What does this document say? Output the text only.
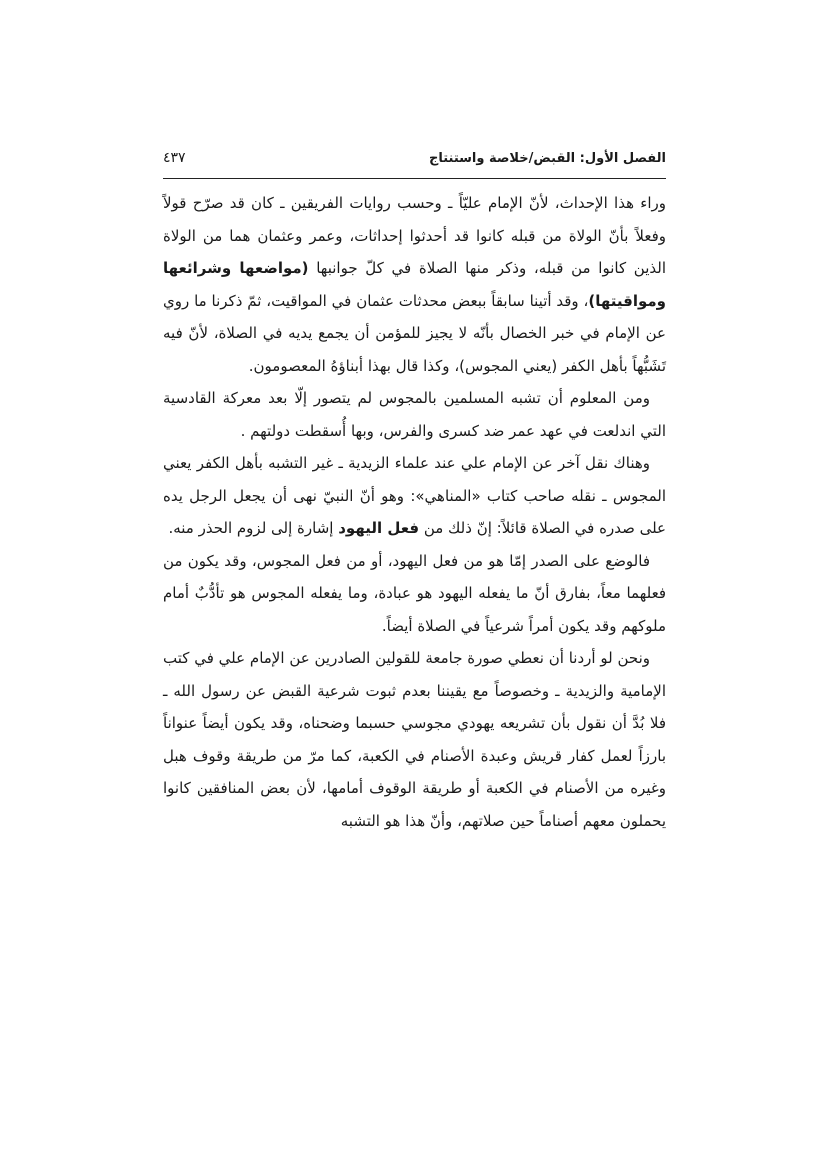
الفصل الأول: القبض/خلاصة واستنتاج
٤٣٧

وراء هذا الإحداث، لأنّ الإمام عليّاً ـ وحسب روايات الفريقين ـ كان قد صرّح قولاً وفعلاً بأنّ الولاة من قبله كانوا قد أحدثوا إحداثات، وعمر وعثمان هما من الولاة الذين كانوا من قبله، وذكر منها الصلاة في كلّ جوانبها (مواضعها وشرائعها ومواقيتها)، وقد أتينا سابقاً ببعض محدثات عثمان في المواقيت، ثمّ ذكرنا ما روي عن الإمام في خبر الخصال بأنّه لا يجيز للمؤمن أن يجمع يديه في الصلاة، لأنّ فيه تَشَبُّهاً بأهل الكفر (يعني المجوس)، وكذا قال بهذا أبناؤهُ المعصومون.

ومن المعلوم أن تشبه المسلمين بالمجوس لم يتصور إلّا بعد معركة القادسية التي اندلعت في عهد عمر ضد كسرى والفرس، وبها أُسقطت دولتهم .

وهناك نقل آخر عن الإمام علي عند علماء الزيدية ـ غير التشبه بأهل الكفر يعني المجوس ـ نقله صاحب كتاب «المناهي»: وهو أنّ النبيّ نهى أن يجعل الرجل يده على صدره في الصلاة قائلاً: إنّ ذلك من فعل اليهود إشارة إلى لزوم الحذر منه.

فالوضع على الصدر إمّا هو من فعل اليهود، أو من فعل المجوس، وقد يكون من فعلهما معاً، بفارق أنّ ما يفعله اليهود هو عبادة، وما يفعله المجوس هو تأدُّبٌ أمام ملوكهم وقد يكون أمراً شرعياً في الصلاة أيضاً.

ونحن لو أردنا أن نعطي صورة جامعة للقولين الصادرين عن الإمام علي في كتب الإمامية والزيدية ـ وخصوصاً مع يقيننا بعدم ثبوت شرعية القبض عن رسول الله ـ فلا بُدَّ أن نقول بأن تشريعه يهودي مجوسي حسبما وضحناه، وقد يكون أيضاً عنواناً بارزاً لعمل كفار قريش وعبدة الأصنام في الكعبة، كما مرّ من طريقة وقوف هبل وغيره من الأصنام في الكعبة أو طريقة الوقوف أمامها، لأن بعض المنافقين كانوا يحملون معهم أصناماً حين صلاتهم، وأنّ هذا هو التشبه
